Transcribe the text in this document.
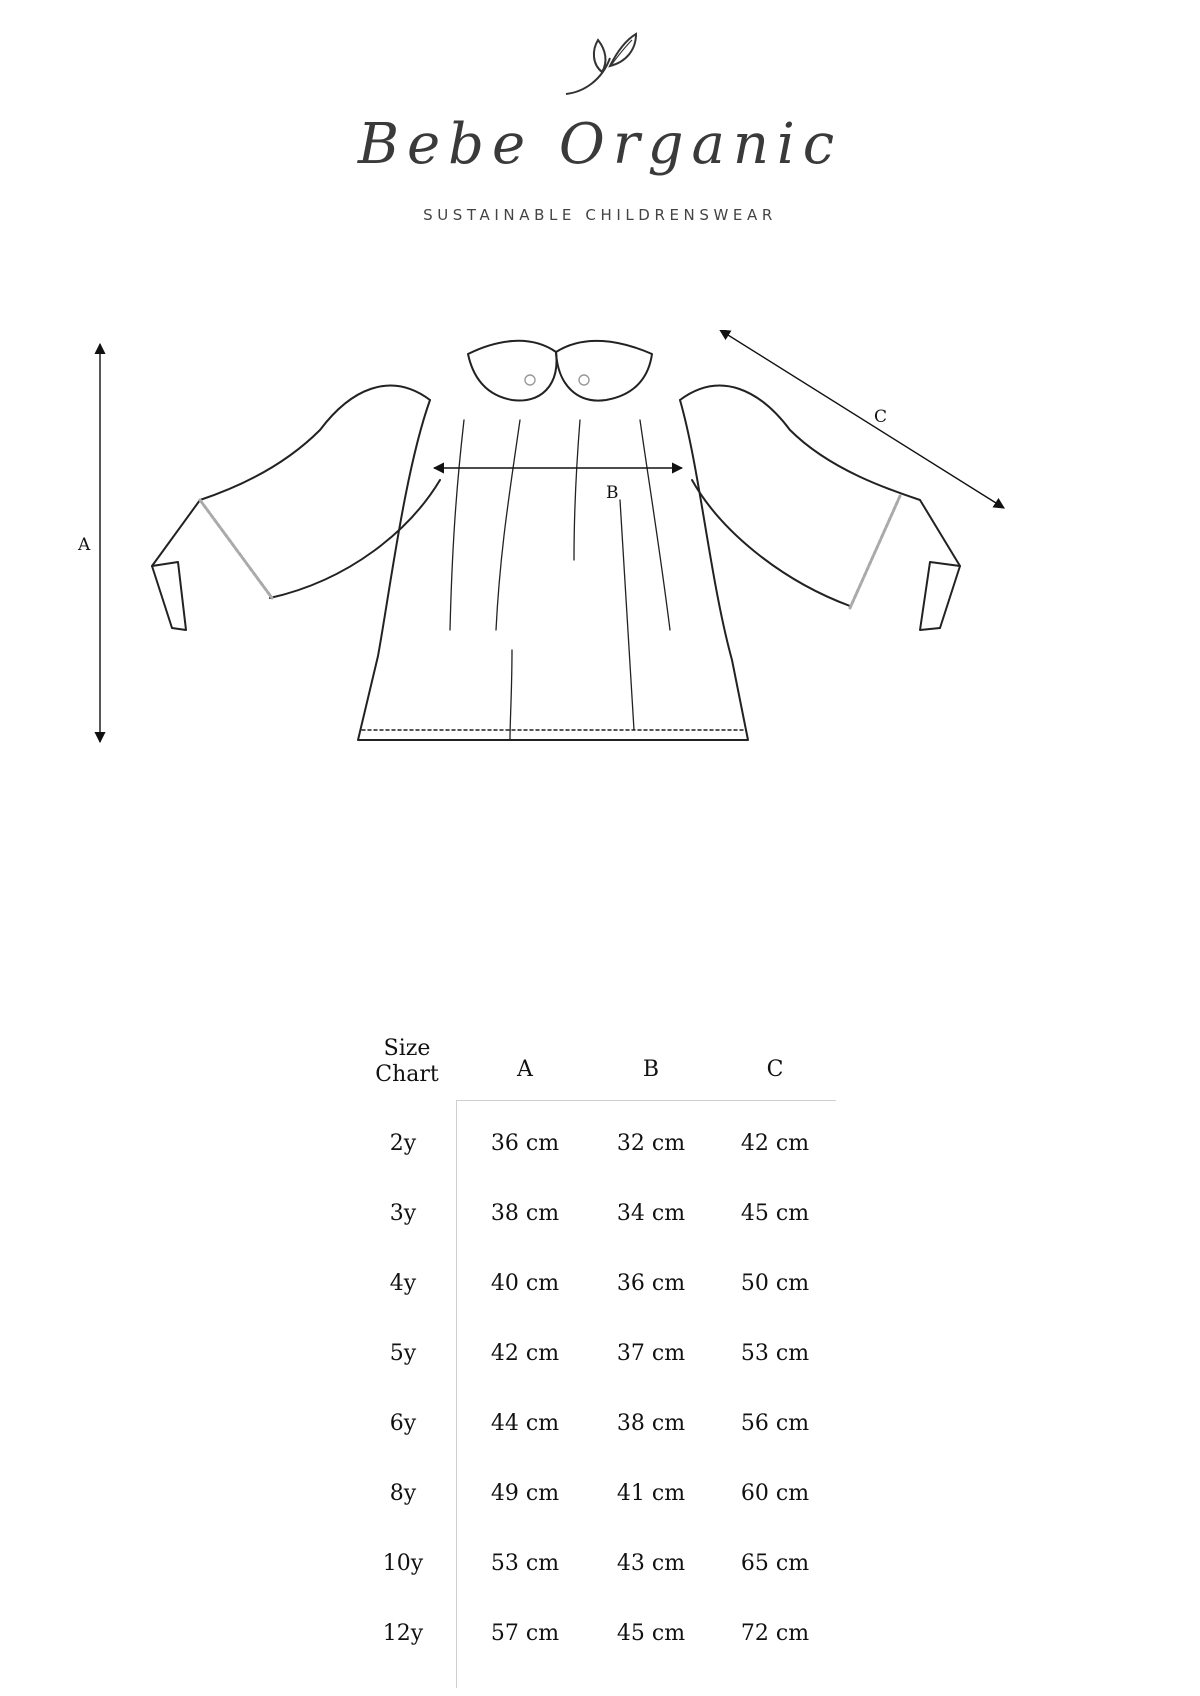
Bebe Organic
SUSTAINABLE CHILDRENSWEAR
A
B
C
Size
Chart	A	B	C
2y	36 cm	32 cm	42 cm
3y	38 cm	34 cm	45 cm
4y	40 cm	36 cm	50 cm
5y	42 cm	37 cm	53 cm
6y	44 cm	38 cm	56 cm
8y	49 cm	41 cm	60 cm
10y	53 cm	43 cm	65 cm
12y	57 cm	45 cm	72 cm
